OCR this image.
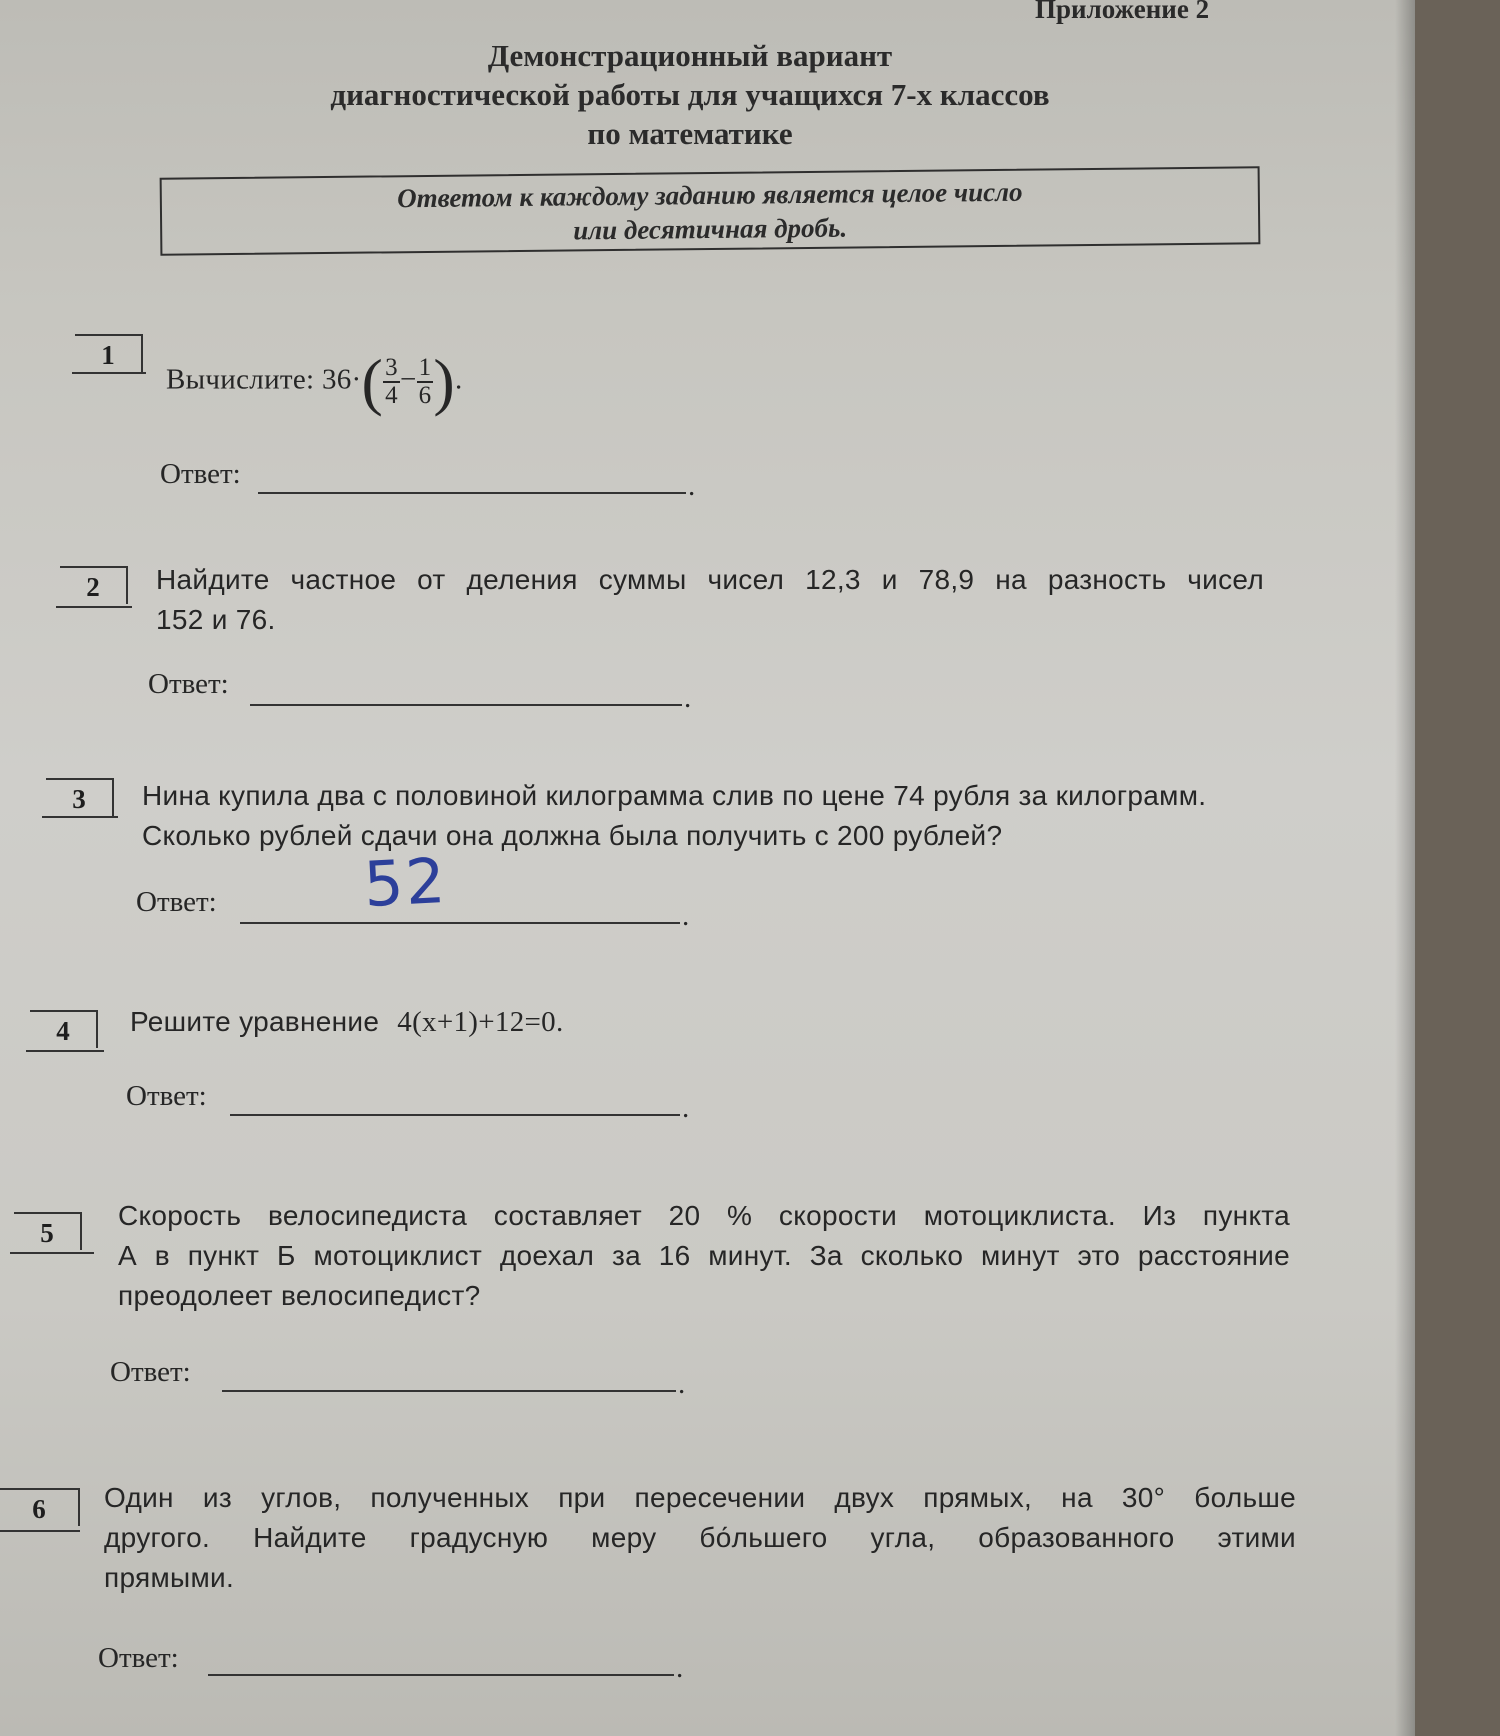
Приложение 2
Демонстрационный вариант
диагностической работы для учащихся 7-х классов
по математике
Ответом к каждому заданию является целое число
или десятичная дробь.
1
Вычислите: $36\cdot( \frac{3}{4} - \frac{1}{6}$ ).
Ответ:	.
2	Найдите частное от деления суммы чисел 12,3 и 78,9 на разность чисел
152 и 76.
Ответ:	.
3	Нина купила два с половиной килограмма слив по цене 74 рубля за килограмм.
Сколько рублей сдачи она должна была получить с 200 рублей?
Ответ: 52	.
4	Решите уравнение 4(x+1)+12=0.
Ответ:	.
5
Скорость велосипедиста составляет 20 % скорости мотоциклиста. Из пункта
А в пункт Б мотоциклист доехал за 16 минут. За сколько минут это расстояние
преодолеет велосипедист?
Ответ:	.
6	Один из углов, полученных при пересечении двух прямых, на 30° больше
другого. Найдите градусную меру бо́льшего угла, образованного этими
прямыми.
Ответ:	.
